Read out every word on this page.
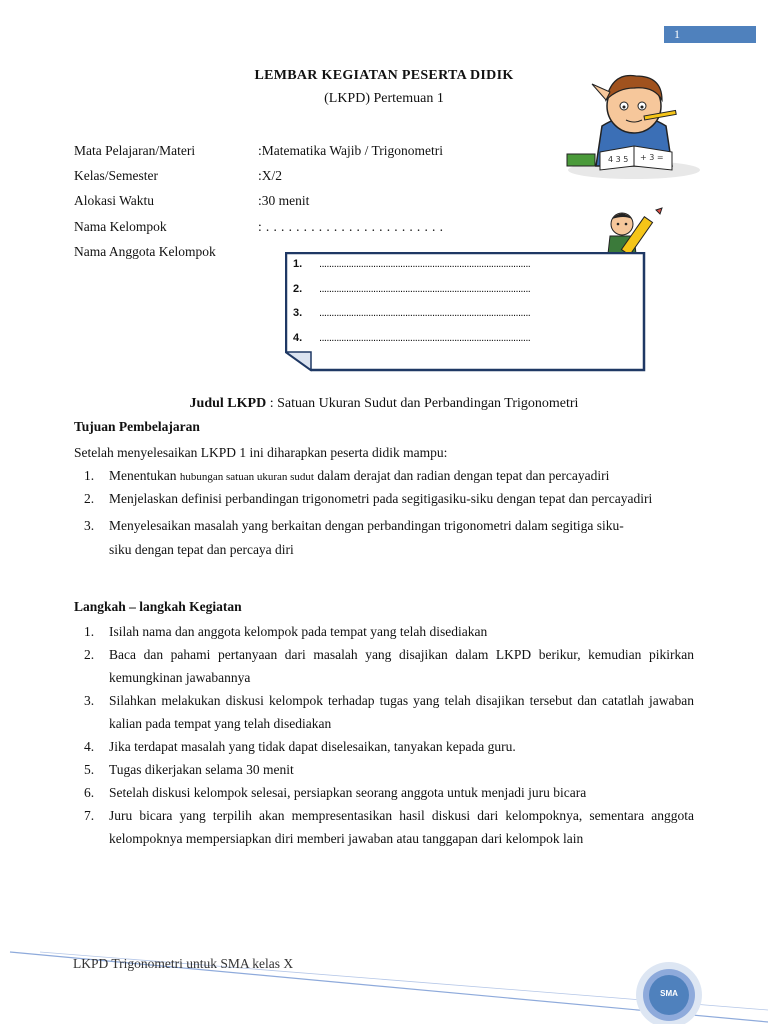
1
LEMBAR KEGIATAN PESERTA DIDIK
(LKPD) Pertemuan 1
4 3 5 + 3 =
Mata Pelajaran/Materi	:Matematika Wajib / Trigonometri
Kelas/Semester	:X/2
Alokasi Waktu	:30 menit
Nama Kelompok	: . . . . . . . . . . . . . . . . . . . . . . . .
Nama Anggota Kelompok
1.	......................................................................................
2.	......................................................................................
3.	......................................................................................
4.	......................................................................................
Judul LKPD : Satuan Ukuran Sudut dan Perbandingan Trigonometri
Tujuan Pembelajaran
Setelah menyelesaikan LKPD 1 ini diharapkan peserta didik mampu:
1.	Menentukan hubungan satuan ukuran sudut dalam derajat dan radian dengan tepat dan percayadiri
2.	Menjelaskan definisi perbandingan trigonometri pada segitigasiku-siku dengan tepat dan percayadiri
3.	Menyelesaikan masalah yang berkaitan dengan perbandingan trigonometri dalam segitiga siku-siku dengan tepat dan percaya diri
Langkah – langkah Kegiatan
1.	Isilah nama dan anggota kelompok pada tempat yang telah disediakan
2.	Baca dan pahami pertanyaan dari masalah yang disajikan dalam LKPD berikur, kemudian pikirkan kemungkinan jawabannya
3.	Silahkan melakukan diskusi kelompok terhadap tugas yang telah disajikan tersebut dan catatlah jawaban kalian pada tempat yang telah disediakan
4.	Jika terdapat masalah yang tidak dapat diselesaikan, tanyakan kepada guru.
5.	Tugas dikerjakan selama 30 menit
6.	Setelah diskusi kelompok selesai, persiapkan seorang anggota untuk menjadi juru bicara
7.	Juru bicara yang terpilih akan mempresentasikan hasil diskusi dari kelompoknya, sementara anggota kelompoknya mempersiapkan diri memberi jawaban atau tanggapan dari kelompok lain
LKPD Trigonometri untuk SMA kelas X
SMA
